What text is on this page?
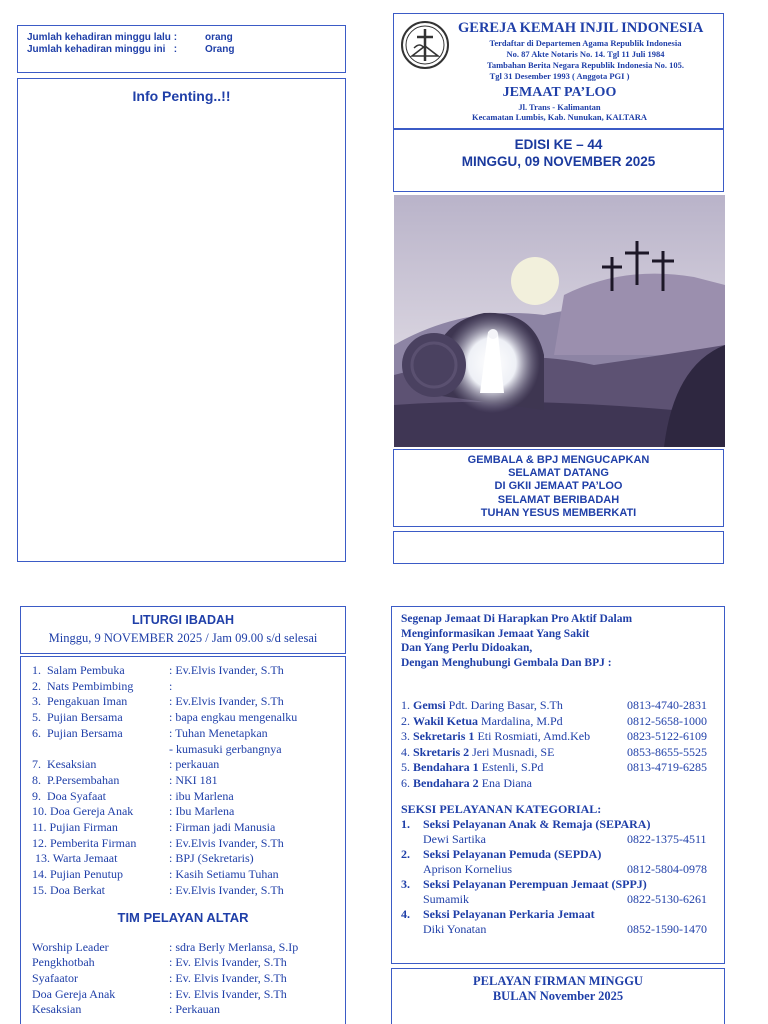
Jumlah kehadiran minggu lalu :	orang
Jumlah kehadiran minggu ini   :	Orang
Info Penting..!!
GEREJA KEMAH INJIL INDONESIA
Terdaftar di Departemen Agama Republik Indonesia
No. 87 Akte Notaris No. 14. Tgl 11 Juli 1984
Tambahan Berita Negara Republik Indonesia No. 105.
Tgl 31 Desember 1993 ( Anggota PGI )
JEMAAT PA’LOO
Jl. Trans - Kalimantan
Kecamatan Lumbis, Kab. Nunukan, KALTARA
EDISI KE – 44
MINGGU, 09 NOVEMBER 2025
GEMBALA & BPJ MENGUCAPKAN
SELAMAT DATANG
DI GKII JEMAAT PA’LOO
SELAMAT BERIBADAH
TUHAN YESUS MEMBERKATI
LITURGI IBADAH
Minggu, 9 NOVEMBER 2025 / Jam 09.00 s/d selesai
1.  Salam Pembuka	: Ev.Elvis Ivander, S.Th
2.  Nats Pembimbing	:
3.  Pengakuan Iman	: Ev.Elvis Ivander, S.Th
5.  Pujian Bersama	: bapa engkau mengenalku
6.  Pujian Bersama	: Tuhan Menetapkan
- kumasuki gerbangnya
7.  Kesaksian	: perkauan
8.  P.Persembahan	: NKI 181
9.  Doa Syafaat	: ibu Marlena
10. Doa Gereja Anak	: Ibu Marlena
11. Pujian Firman	: Firman jadi Manusia
12. Pemberita Firman	: Ev.Elvis Ivander, S.Th
13. Warta Jemaat	: BPJ (Sekretaris)
14. Pujian Penutup	: Kasih Setiamu Tuhan
15. Doa Berkat	: Ev.Elvis Ivander, S.Th
TIM PELAYAN ALTAR
Worship Leader	: sdra Berly Merlansa, S.Ip
Pengkhotbah	: Ev. Elvis Ivander, S.Th
Syafaator	: Ev. Elvis Ivander, S.Th
Doa Gereja Anak	: Ev. Elvis Ivander, S.Th
Kesaksian	: Perkauan
Segenap Jemaat Di Harapkan Pro Aktif Dalam
Menginformasikan Jemaat Yang Sakit
Dan Yang Perlu Didoakan,
Dengan Menghubungi Gembala Dan BPJ :
1. Gemsi Pdt. Daring Basar, S.Th	0813-4740-2831
2. Wakil Ketua Mardalina, M.Pd	0812-5658-1000
3. Sekretaris 1 Eti Rosmiati, Amd.Keb	0823-5122-6109
4. Skretaris 2 Jeri Musnadi, SE	0853-8655-5525
5. Bendahara 1 Estenli, S.Pd	0813-4719-6285
6. Bendahara 2 Ena Diana
SEKSI PELAYANAN KATEGORIAL:
1.	Seksi Pelayanan Anak & Remaja (SEPARA)
Dewi Sartika	0822-1375-4511
2.	Seksi Pelayanan Pemuda (SEPDA)
Aprison Kornelius	0812-5804-0978
3.	Seksi Pelayanan Perempuan Jemaat (SPPJ)
Sumamik	0822-5130-6261
4.	Seksi Pelayanan Perkaria Jemaat
Diki Yonatan	0852-1590-1470
PELAYAN FIRMAN MINGGU
BULAN November 2025
